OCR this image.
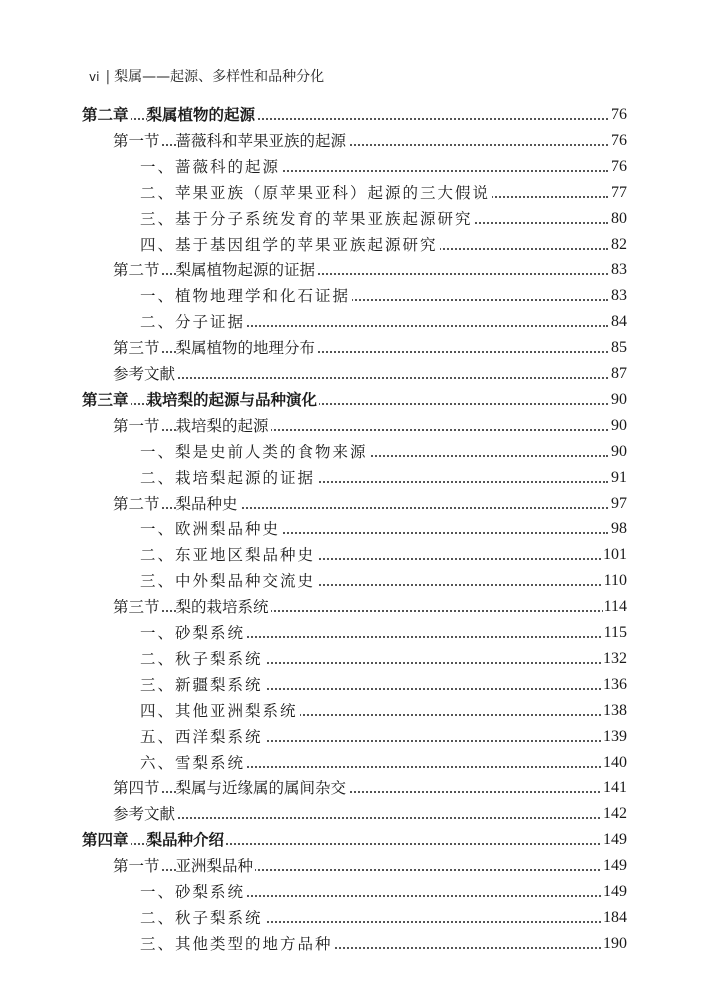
vi | 梨属——起源、多样性和品种分化
第二章 梨属植物的起源	76
第一节 蔷薇科和苹果亚族的起源	76
一、蔷薇科的起源	76
二、苹果亚族（原苹果亚科）起源的三大假说	77
三、基于分子系统发育的苹果亚族起源研究	80
四、基于基因组学的苹果亚族起源研究	82
第二节 梨属植物起源的证据	83
一、植物地理学和化石证据	83
二、分子证据	84
第三节 梨属植物的地理分布	85
参考文献	87
第三章 栽培梨的起源与品种演化	90
第一节 栽培梨的起源	90
一、梨是史前人类的食物来源	90
二、栽培梨起源的证据	91
第二节 梨品种史	97
一、欧洲梨品种史	98
二、东亚地区梨品种史	101
三、中外梨品种交流史	110
第三节 梨的栽培系统	114
一、砂梨系统	115
二、秋子梨系统	132
三、新疆梨系统	136
四、其他亚洲梨系统	138
五、西洋梨系统	139
六、雪梨系统	140
第四节 梨属与近缘属的属间杂交	141
参考文献	142
第四章 梨品种介绍	149
第一节 亚洲梨品种	149
一、砂梨系统	149
二、秋子梨系统	184
三、其他类型的地方品种	190
